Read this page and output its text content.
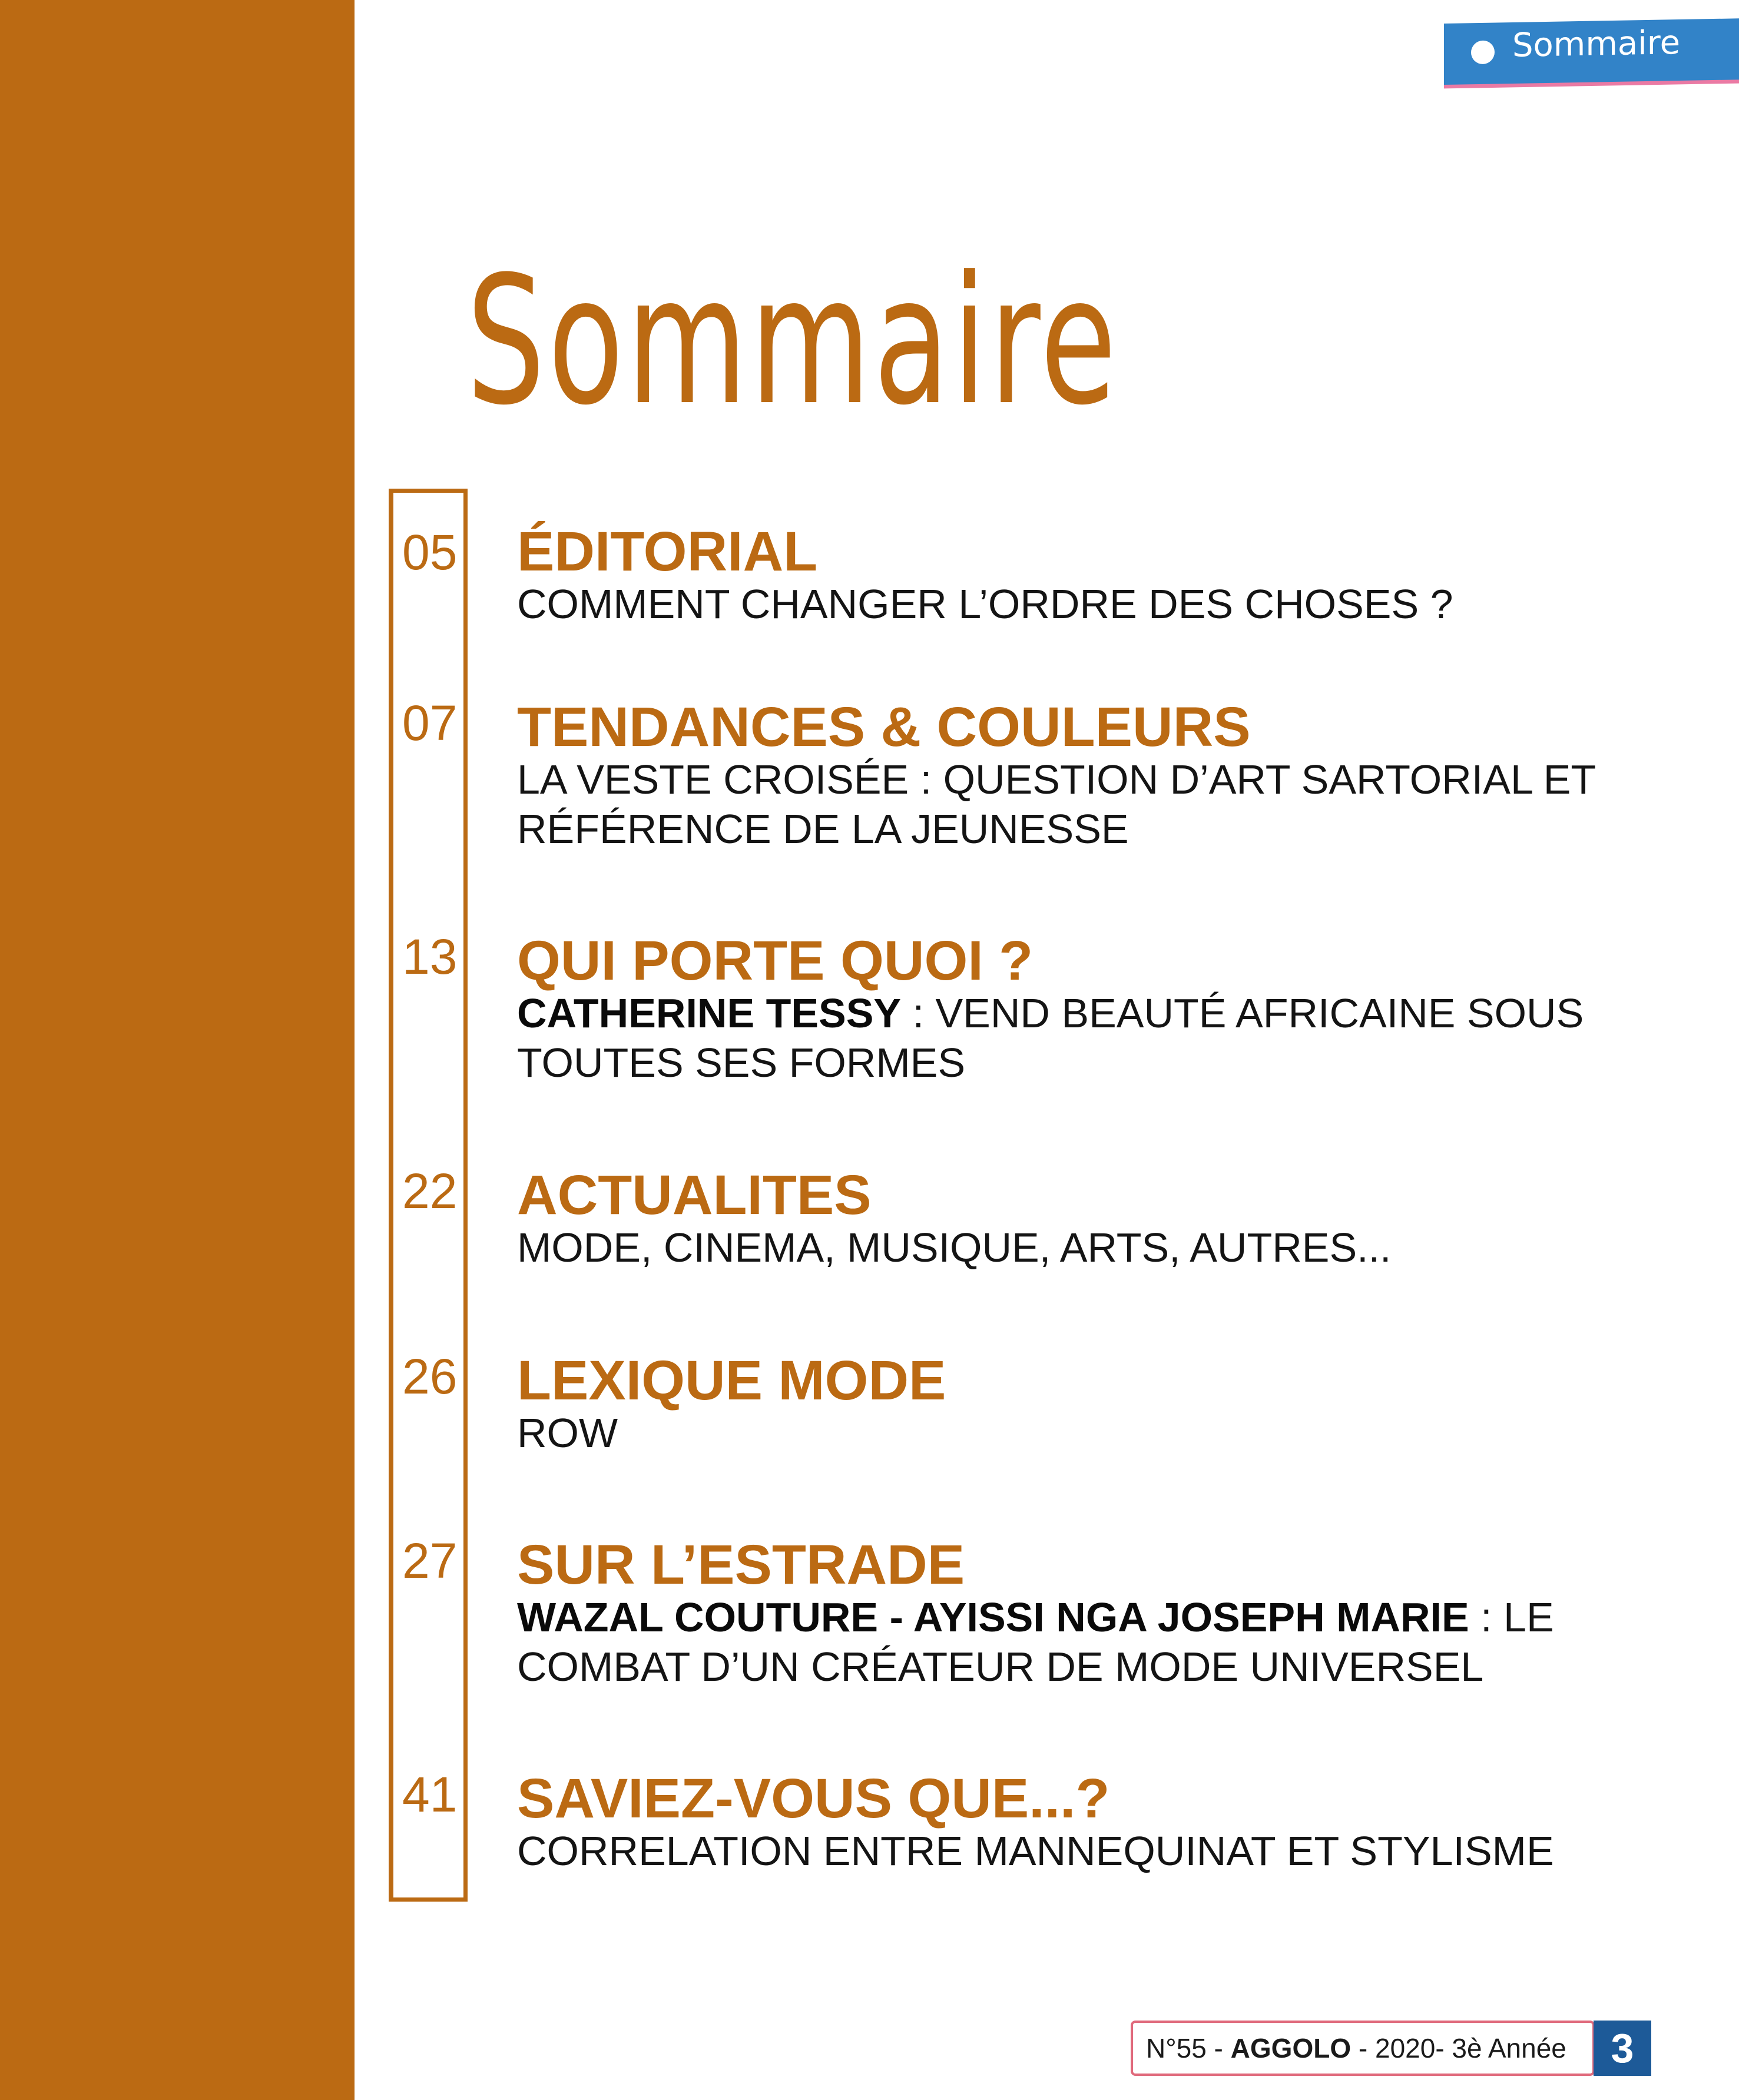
Sommaire
Sommaire
05 ÉDITORIAL
COMMENT CHANGER L’ORDRE DES CHOSES ?
07 TENDANCES & COULEURS
LA VESTE CROISÉE : QUESTION D’ART SARTORIAL ET RÉFÉRENCE DE LA JEUNESSE
13 QUI PORTE QUOI ?
CATHERINE TESSY : VEND BEAUTÉ AFRICAINE SOUS TOUTES SES FORMES
22 ACTUALITES
MODE, CINEMA, MUSIQUE, ARTS, AUTRES...
26 LEXIQUE MODE
ROW
27 SUR L’ESTRADE
WAZAL COUTURE - AYISSI NGA JOSEPH MARIE : LE COMBAT D’UN CRÉATEUR DE MODE UNIVERSEL
41 SAVIEZ-VOUS QUE...?
CORRELATION ENTRE MANNEQUINAT ET STYLISME
N°55 - AGGOLO - 2020- 3è Année	3
